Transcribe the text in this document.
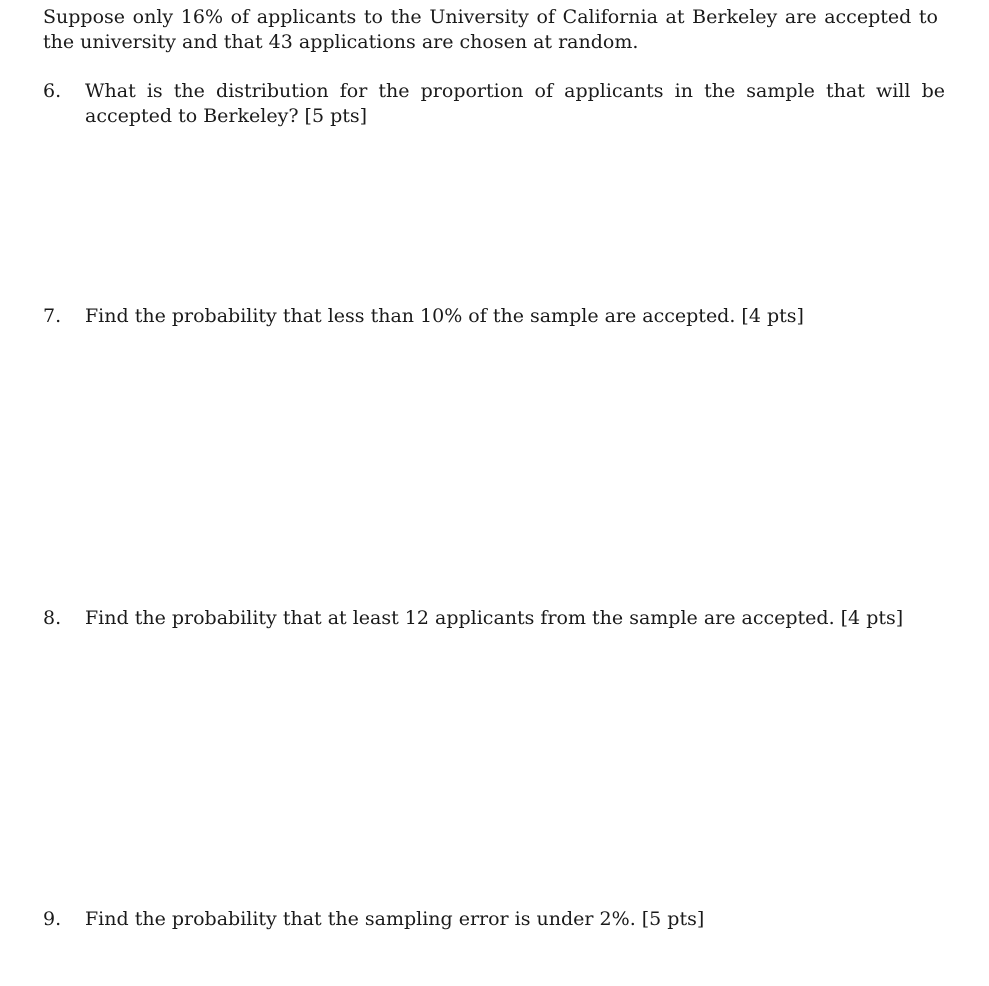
Suppose only 16% of applicants to the University of California at Berkeley are accepted to the university and that 43 applications are chosen at random.

6.	What is the distribution for the proportion of applicants in the sample that will be accepted to Berkeley? [5 pts]
7.	Find the probability that less than 10% of the sample are accepted. [4 pts]
8.	Find the probability that at least 12 applicants from the sample are accepted. [4 pts]
9.	Find the probability that the sampling error is under 2%. [5 pts]
